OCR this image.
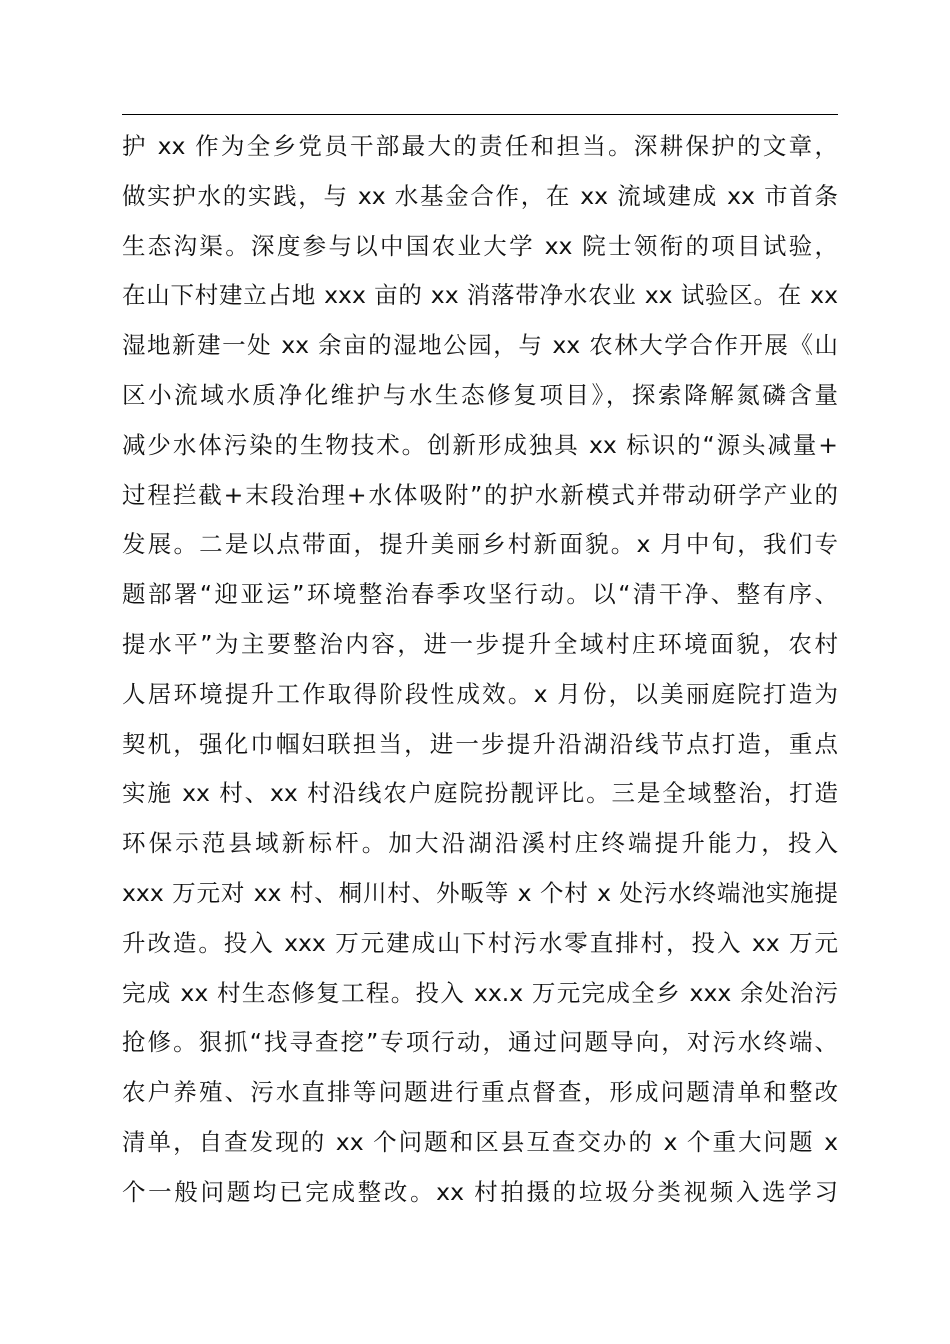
护 xx 作为全乡党员干部最大的责任和担当。深耕保护的文章，
做实护水的实践，与 xx 水基金合作，在 xx 流域建成 xx 市首条
生态沟渠。深度参与以中国农业大学 xx 院士领衔的项目试验，
在山下村建立占地 xxx 亩的 xx 消落带净水农业 xx 试验区。在 xx
湿地新建一处 xx 余亩的湿地公园，与 xx 农林大学合作开展《山
区小流域水质净化维护与水生态修复项目》，探索降解氮磷含量
减少水体污染的生物技术。创新形成独具 xx 标识的“源头减量+
过程拦截+末段治理+水体吸附”的护水新模式并带动研学产业的
发展。二是以点带面，提升美丽乡村新面貌。x 月中旬，我们专
题部署“迎亚运”环境整治春季攻坚行动。以“清干净、整有序、
提水平”为主要整治内容，进一步提升全域村庄环境面貌，农村
人居环境提升工作取得阶段性成效。x 月份，以美丽庭院打造为
契机，强化巾帼妇联担当，进一步提升沿湖沿线节点打造，重点
实施 xx 村、xx 村沿线农户庭院扮靓评比。三是全域整治，打造
环保示范县域新标杆。加大沿湖沿溪村庄终端提升能力，投入
xxx 万元对 xx 村、桐川村、外畈等 x 个村 x 处污水终端池实施提
升改造。投入 xxx 万元建成山下村污水零直排村，投入 xx 万元
完成 xx 村生态修复工程。投入 xx.x 万元完成全乡 xxx 余处治污
抢修。狠抓“找寻查挖”专项行动，通过问题导向，对污水终端、
农户养殖、污水直排等问题进行重点督查，形成问题清单和整改
清单，自查发现的 xx 个问题和区县互查交办的 x 个重大问题 x
个一般问题均已完成整改。xx 村拍摄的垃圾分类视频入选学习
